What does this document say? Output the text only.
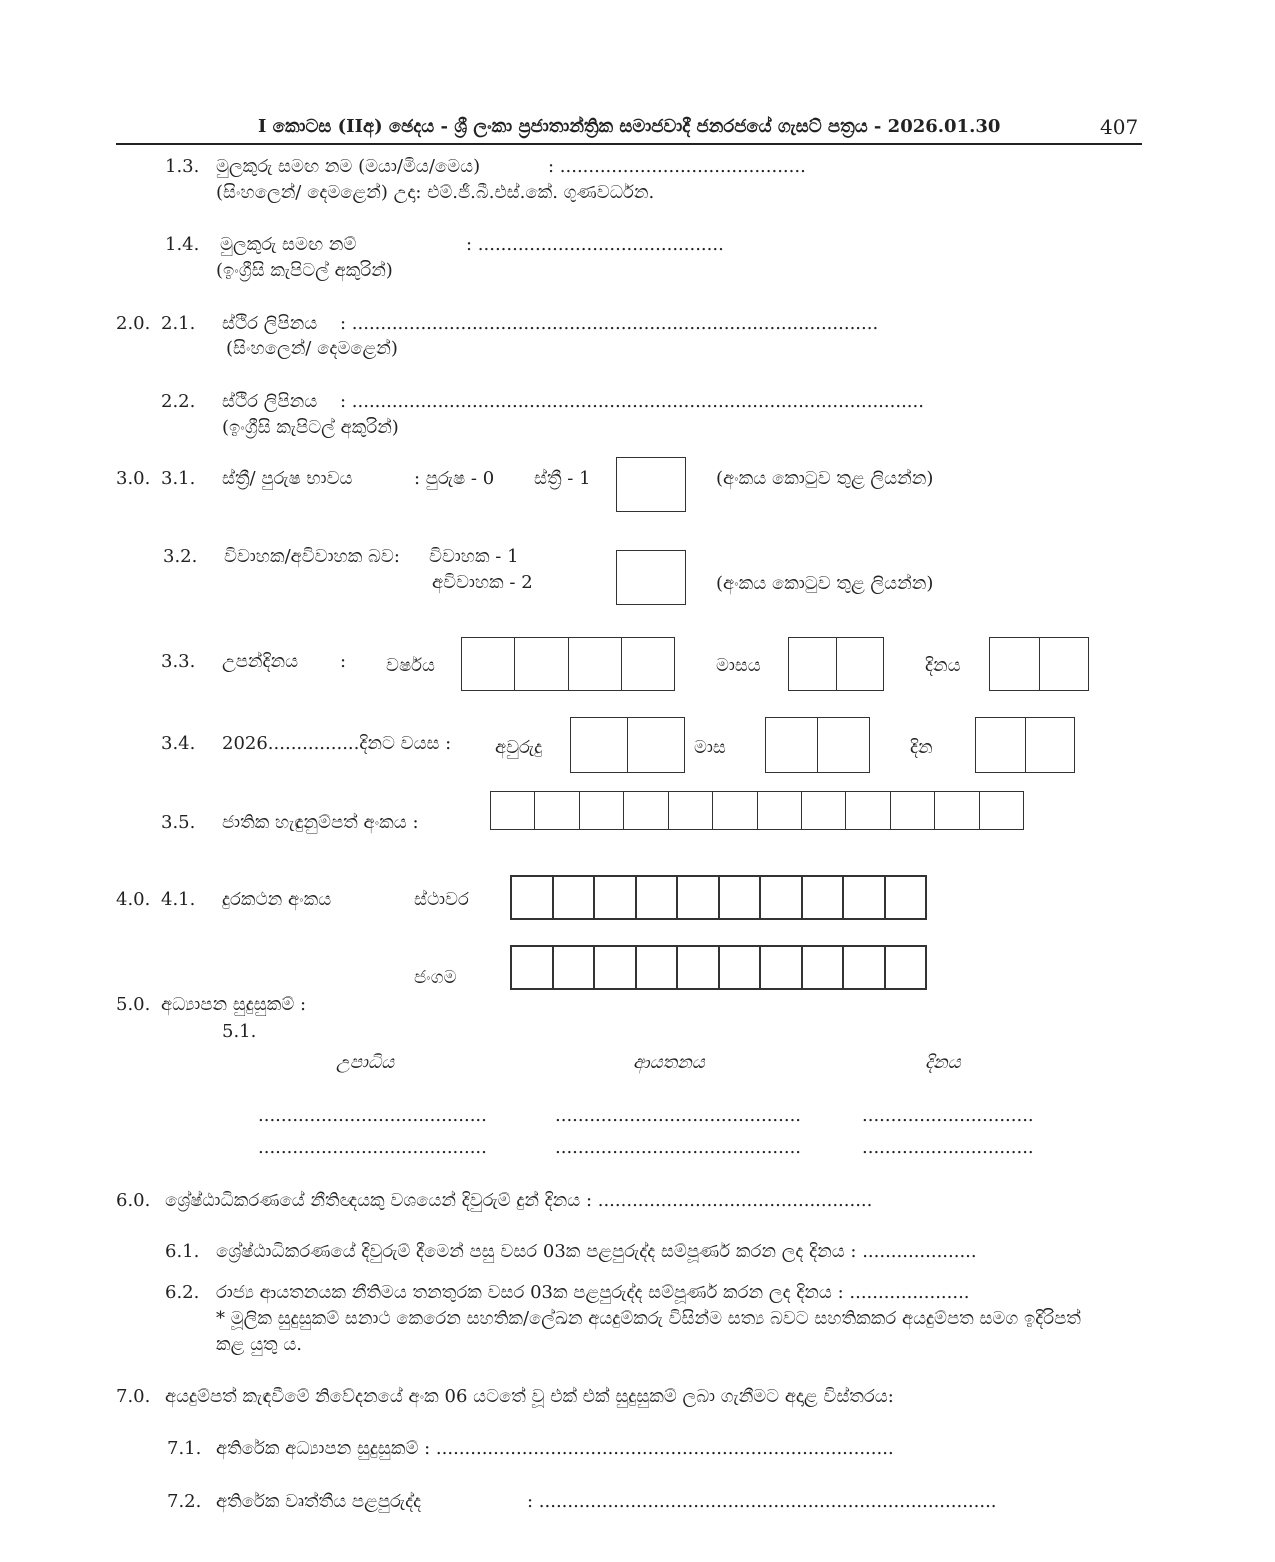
I කොටස (IIඅ) ඡෙදය - ශ්‍රී ලංකා ප්‍රජාතාන්ත්‍රික සමාජවාදී ජනරජයේ ගැසට් පත්‍රය - 2026.01.30	407
1.3. මුලකුරු සමඟ නම (මයා/මිය/මෙය)	: ...........................................
(සිංහලෙන්/ දෙමළෙන්) උදා: එම්.ජී.බී.එස්.කේ. ගුණවර්ධන.
1.4. මුලකුරු සමඟ නම්	: ...........................................
(ඉංග්‍රීසි කැපිටල් අකුරින්)
2.0. 2.1. ස්ථිර ලිපිනය : ............................................................................................
(සිංහලෙන්/ දෙමළෙන්)
2.2. ස්ථිර ලිපිනය : ....................................................................................................
(ඉංග්‍රීසි කැපිටල් අකුරින්)
3.0. 3.1. ස්ත්‍රී/ පුරුෂ භාවය	: පුරුෂ - 0 ස්ත්‍රී - 1	(අංකය කොටුව තුළ ලියන්න)
3.2. විවාහක/අවිවාහක බව: විවාහක - 1
අවිවාහක - 2	(අංකය කොටුව තුළ ලියන්න)
3.3. උපන්දිනය : වර්ෂය	මාසය	දිනය
3.4. 2026................දිනට වයස : අවුරුදු	මාස	දින
3.5. ජාතික හැඳුනුම්පත් අංකය :
4.0. 4.1. දුරකථන අංකය	ස්ථාවර
ජංගම
5.0. අධ්‍යාපන සුදුසුකම් :
5.1.
උපාධිය	ආයතනය	දිනය
........................................	...........................................	..............................
........................................	...........................................	..............................
6.0. ශ්‍රේෂ්ඨාධිකරණයේ නීතිඥයකු වශයෙන් දිවුරුම් දුන් දිනය : ................................................
6.1. ශ්‍රේෂ්ඨාධිකරණයේ දිවුරුම් දීමෙන් පසු වසර 03ක පළපුරුද්ද සම්පූර්ණ කරන ලද දිනය : ....................
6.2. රාජ්‍ය ආයතනයක නීතිමය තනතුරක වසර 03ක පළපුරුද්ද සම්පූර්ණ කරන ලද දිනය : .....................
* මූලික සුදුසුකම් සනාථ කෙරෙන සහතික/ලේඛන අයදුම්කරු විසින්ම සත්‍ය බවට සහතිකකර අයදුම්පත සමග ඉදිරිපත්
කළ යුතු ය.
7.0. අයදුම්පත් කැඳවීමේ නිවේදනයේ අංක 06 යටතේ වූ එක් එක් සුදුසුකම් ලබා ගැනීමට අදාළ විස්තරය:
7.1. අතිරේක අධ්‍යාපන සුදුසුකම් : ................................................................................
7.2. අතිරේක වෘත්තීය පළපුරුද්ද	: ................................................................................
